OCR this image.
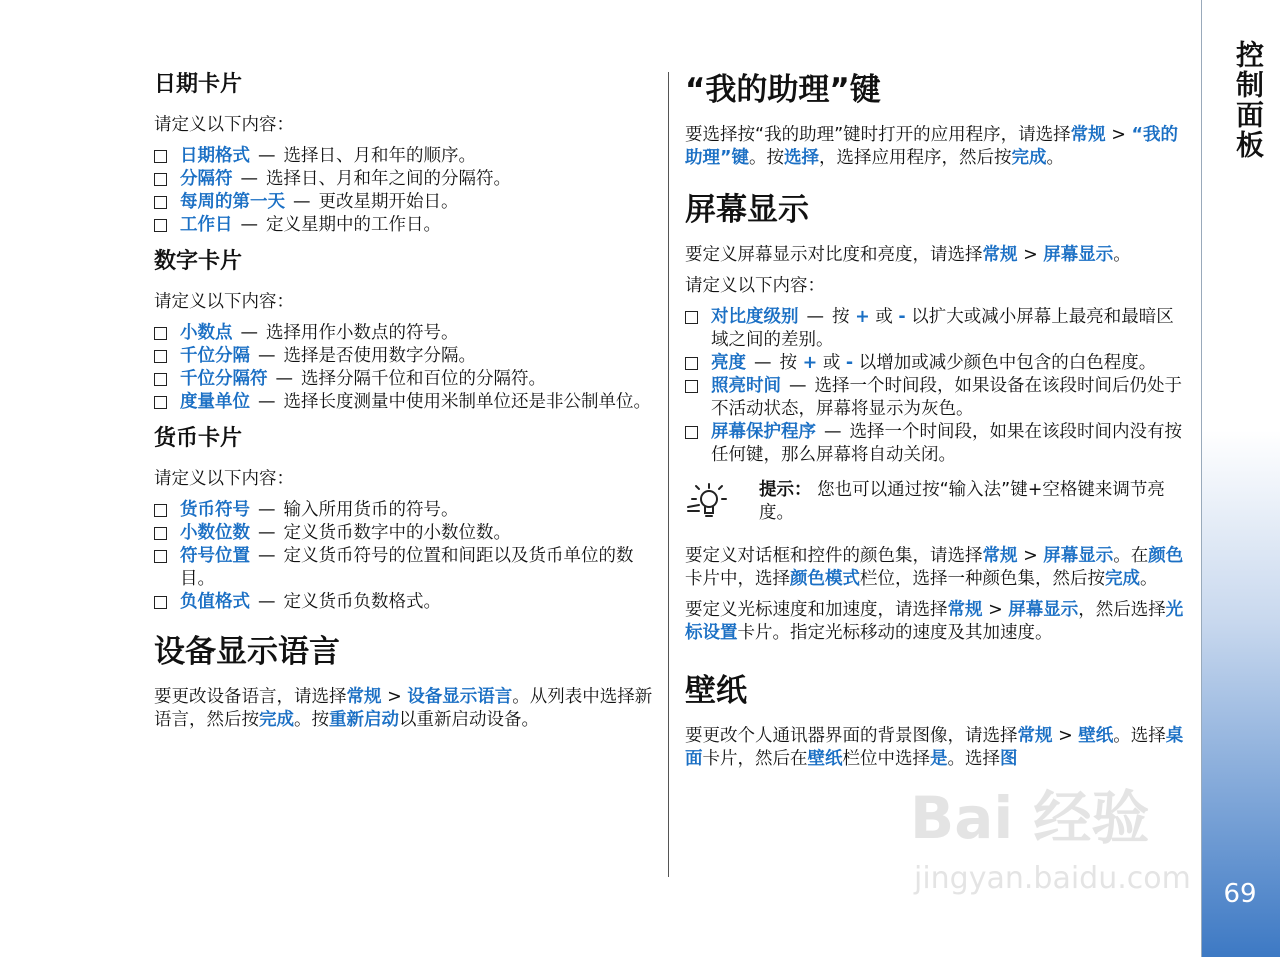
日期卡片

请定义以下内容：

日期格式 — 选择日、月和年的顺序。
分隔符 — 选择日、月和年之间的分隔符。
每周的第一天 — 更改星期开始日。
工作日 — 定义星期中的工作日。
数字卡片

请定义以下内容：

小数点 — 选择用作小数点的符号。
千位分隔 — 选择是否使用数字分隔。
千位分隔符 — 选择分隔千位和百位的分隔符。
度量单位 — 选择长度测量中使用米制单位还是非公制单位。
货币卡片

请定义以下内容：

货币符号 — 输入所用货币的符号。
小数位数 — 定义货币数字中的小数位数。
符号位置 — 定义货币符号的位置和间距以及货币单位的数目。
负值格式 — 定义货币负数格式。
设备显示语言

要更改设备语言，请选择常规 > 设备显示语言。从列表中选择新语言，然后按完成。按重新启动以重新启动设备。

“我的助理”键

要选择按“我的助理”键时打开的应用程序，请选择常规 > “我的助理”键。按选择，选择应用程序，然后按完成。

屏幕显示

要定义屏幕显示对比度和亮度，请选择常规 > 屏幕显示。

请定义以下内容：

对比度级别 — 按 + 或 - 以扩大或减小屏幕上最亮和最暗区域之间的差别。
亮度 — 按 + 或 - 以增加或减少颜色中包含的白色程度。
照亮时间 — 选择一个时间段，如果设备在该段时间后仍处于不活动状态，屏幕将显示为灰色。
屏幕保护程序 — 选择一个时间段，如果在该段时间内没有按任何键，那么屏幕将自动关闭。

提示： 您也可以通过按“输入法”键+空格键来调节亮度。

要定义对话框和控件的颜色集，请选择常规 > 屏幕显示。在颜色卡片中，选择颜色模式栏位，选择一种颜色集，然后按完成。

要定义光标速度和加速度，请选择常规 > 屏幕显示，然后选择光标设置卡片。指定光标移动的速度及其加速度。

壁纸

要更改个人通讯器界面的背景图像，请选择常规 > 壁纸。选择桌面卡片，然后在壁纸栏位中选择是。选择图

控制面板
69
Bai 经验
jingyan.baidu.com
